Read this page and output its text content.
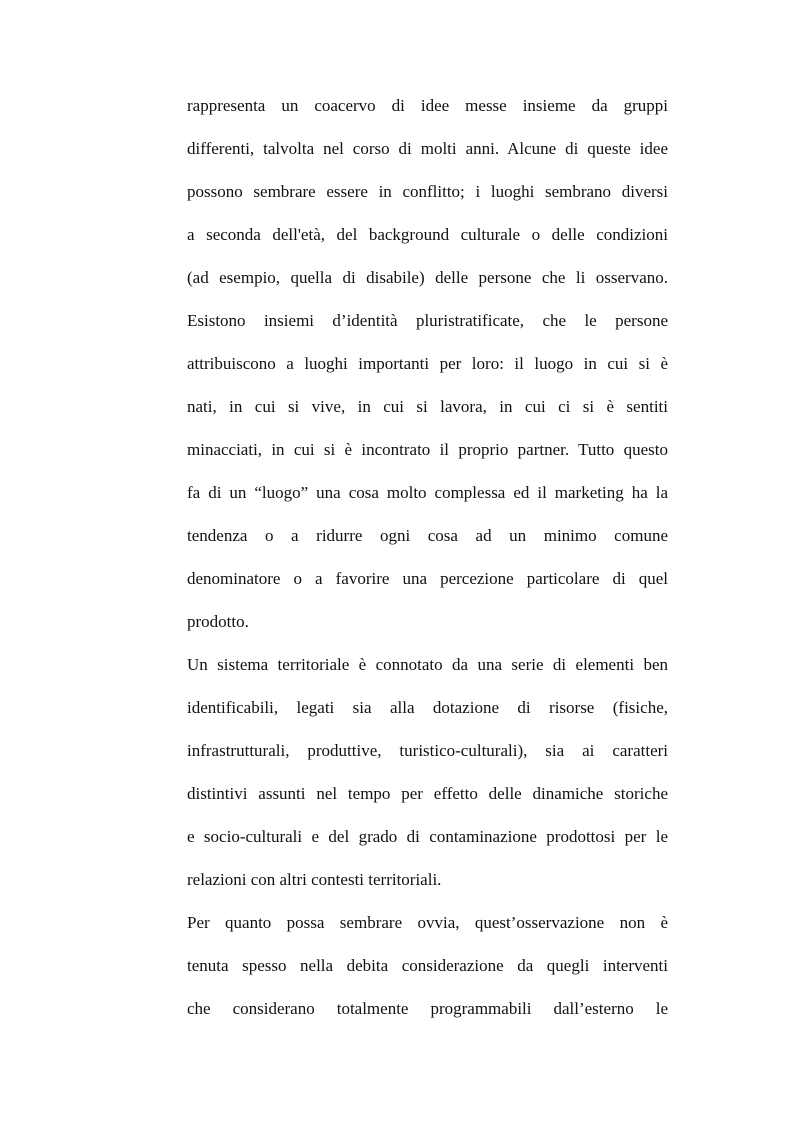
rappresenta un coacervo di idee messe insieme da gruppi
differenti, talvolta nel corso di molti anni. Alcune di queste idee
possono sembrare essere in conflitto; i luoghi sembrano diversi
a seconda dell'età, del background culturale o delle condizioni
(ad esempio, quella di disabile) delle persone che li osservano.
Esistono insiemi d’identità pluristratificate, che le persone
attribuiscono a luoghi importanti per loro: il luogo in cui si è
nati, in cui si vive, in cui si lavora, in cui ci si è sentiti
minacciati, in cui si è incontrato il proprio partner. Tutto questo
fa di un “luogo” una cosa molto complessa ed il marketing ha la
tendenza o a ridurre ogni cosa ad un minimo comune
denominatore o a favorire una percezione particolare di quel
prodotto.
Un sistema territoriale è connotato da una serie di elementi ben
identificabili, legati sia alla dotazione di risorse (fisiche,
infrastrutturali, produttive, turistico-culturali), sia ai caratteri
distintivi assunti nel tempo per effetto delle dinamiche storiche
e socio-culturali e del grado di contaminazione prodottosi per le
relazioni con altri contesti territoriali.
Per quanto possa sembrare ovvia, quest’osservazione non è
tenuta spesso nella debita considerazione da quegli interventi
che considerano totalmente programmabili dall’esterno le
